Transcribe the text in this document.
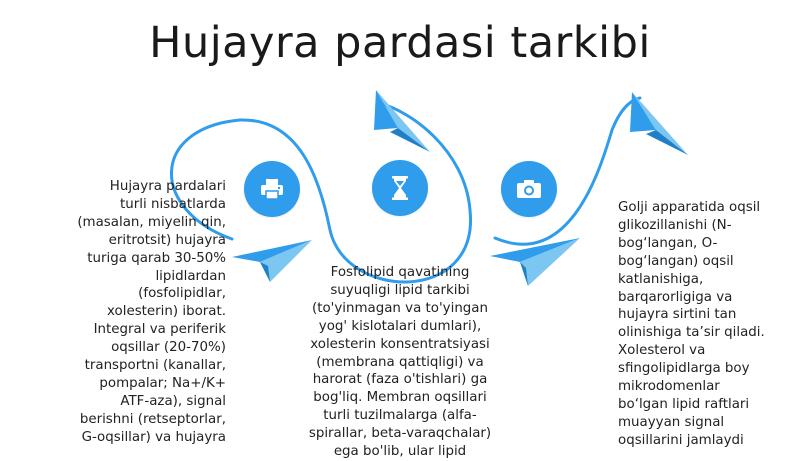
Hujayra pardasi tarkibi
Hujayra pardalari
turli nisbatlarda
(masalan, miyelin qin,
eritrotsit) hujayra
turiga qarab 30-50%
lipidlardan
(fosfolipidlar,
xolesterin) iborat.
Integral va periferik
oqsillar (20-70%)
transportni (kanallar,
pompalar; Na+/K+
ATF-aza), signal
berishni (retseptorlar,
G-oqsillar) va hujayra
Fosfolipid qavatining
suyuqligi lipid tarkibi
(to'yinmagan va to'yingan
yog' kislotalari dumlari),
xolesterin konsentratsiyasi
(membrana qattiqligi) va
harorat (faza o'tishlari) ga
bog'liq. Membran oqsillari
turli tuzilmalarga (alfa-
spirallar, beta-varaqchalar)
ega bo'lib, ular lipid
Golji apparatida oqsil
glikozillanishi (N-
bog‘langan, O-
bog‘langan) oqsil
katlanishiga,
barqarorligiga va
hujayra sirtini tan
olinishiga ta’sir qiladi.
Xolesterol va
sfingolipidlarga boy
mikrodomenlar
bo‘lgan lipid raftlari
muayyan signal
oqsillarini jamlaydi
